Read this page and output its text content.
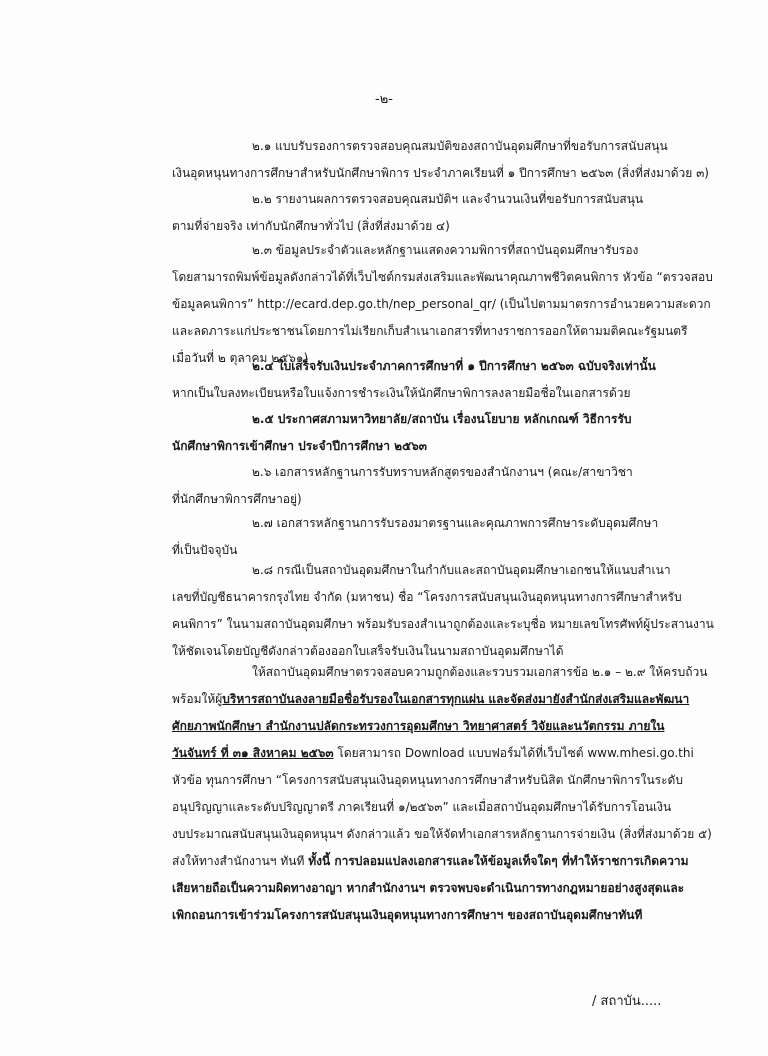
-๒-
๒.๑ แบบรับรองการตรวจสอบคุณสมบัติของสถาบันอุดมศึกษาที่ขอรับการสนับสนุน
เงินอุดหนุนทางการศึกษาสำหรับนักศึกษาพิการ ประจำภาคเรียนที่ ๑ ปีการศึกษา ๒๕๖๓ (สิ่งที่ส่งมาด้วย ๓)
๒.๒ รายงานผลการตรวจสอบคุณสมบัติฯ และจำนวนเงินที่ขอรับการสนับสนุน
ตามที่จ่ายจริง เท่ากับนักศึกษาทั่วไป (สิ่งที่ส่งมาด้วย ๔)
๒.๓ ข้อมูลประจำตัวและหลักฐานแสดงความพิการที่สถาบันอุดมศึกษารับรอง
โดยสามารถพิมพ์ข้อมูลดังกล่าวได้ที่เว็บไซต์กรมส่งเสริมและพัฒนาคุณภาพชีวิตคนพิการ หัวข้อ “ตรวจสอบ
ข้อมูลคนพิการ” http://ecard.dep.go.th/nep_personal_qr/ (เป็นไปตามมาตรการอำนวยความสะดวก
และลดภาระแก่ประชาชนโดยการไม่เรียกเก็บสำเนาเอกสารที่ทางราชการออกให้ตามมติคณะรัฐมนตรี
เมื่อวันที่ ๒ ตุลาคม ๒๕๖๑)
๒.๔ ใบเสร็จรับเงินประจำภาคการศึกษาที่ ๑ ปีการศึกษา ๒๕๖๓ ฉบับจริงเท่านั้น
หากเป็นใบลงทะเบียนหรือใบแจ้งการชำระเงินให้นักศึกษาพิการลงลายมือชื่อในเอกสารด้วย
๒.๕ ประกาศสภามหาวิทยาลัย/สถาบัน เรื่องนโยบาย หลักเกณฑ์ วิธีการรับ
นักศึกษาพิการเข้าศึกษา ประจำปีการศึกษา ๒๕๖๓
๒.๖ เอกสารหลักฐานการรับทราบหลักสูตรของสำนักงานฯ (คณะ/สาขาวิชา
ที่นักศึกษาพิการศึกษาอยู่)
๒.๗ เอกสารหลักฐานการรับรองมาตรฐานและคุณภาพการศึกษาระดับอุดมศึกษา
ที่เป็นปัจจุบัน
๒.๘ กรณีเป็นสถาบันอุดมศึกษาในกำกับและสถาบันอุดมศึกษาเอกชนให้แนบสำเนา
เลขที่บัญชีธนาคารกรุงไทย จำกัด (มหาชน) ชื่อ “โครงการสนับสนุนเงินอุดหนุนทางการศึกษาสำหรับ
คนพิการ” ในนามสถาบันอุดมศึกษา พร้อมรับรองสำเนาถูกต้องและระบุชื่อ หมายเลขโทรศัพท์ผู้ประสานงาน
ให้ชัดเจนโดยบัญชีดังกล่าวต้องออกใบเสร็จรับเงินในนามสถาบันอุดมศึกษาได้
ให้สถาบันอุดมศึกษาตรวจสอบความถูกต้องและรวบรวมเอกสารข้อ ๒.๑ – ๒.๙ ให้ครบถ้วน
พร้อมให้ผู้บริหารสถาบันลงลายมือชื่อรับรองในเอกสารทุกแผ่น และจัดส่งมายังสำนักส่งเสริมและพัฒนา
ศักยภาพนักศึกษา สำนักงานปลัดกระทรวงการอุดมศึกษา วิทยาศาสตร์ วิจัยและนวัตกรรม ภายใน
วันจันทร์ ที่ ๓๑ สิงหาคม ๒๕๖๓ โดยสามารถ Download แบบฟอร์มได้ที่เว็บไซต์ www.mhesi.go.thi
หัวข้อ ทุนการศึกษา “โครงการสนับสนุนเงินอุดหนุนทางการศึกษาสำหรับนิสิต นักศึกษาพิการในระดับ
อนุปริญญาและระดับปริญญาตรี ภาคเรียนที่ ๑/๒๕๖๓” และเมื่อสถาบันอุดมศึกษาได้รับการโอนเงิน
งบประมาณสนับสนุนเงินอุดหนุนฯ ดังกล่าวแล้ว ขอให้จัดทำเอกสารหลักฐานการจ่ายเงิน (สิ่งที่ส่งมาด้วย ๕)
ส่งให้ทางสำนักงานฯ ทันที ทั้งนี้ การปลอมแปลงเอกสารและให้ข้อมูลเท็จใดๆ ที่ทำให้ราชการเกิดความ
เสียหายถือเป็นความผิดทางอาญา หากสำนักงานฯ ตรวจพบจะดำเนินการทางกฎหมายอย่างสูงสุดและ
เพิกถอนการเข้าร่วมโครงการสนับสนุนเงินอุดหนุนทางการศึกษาฯ ของสถาบันอุดมศึกษาทันที
/ สถาบัน.....
